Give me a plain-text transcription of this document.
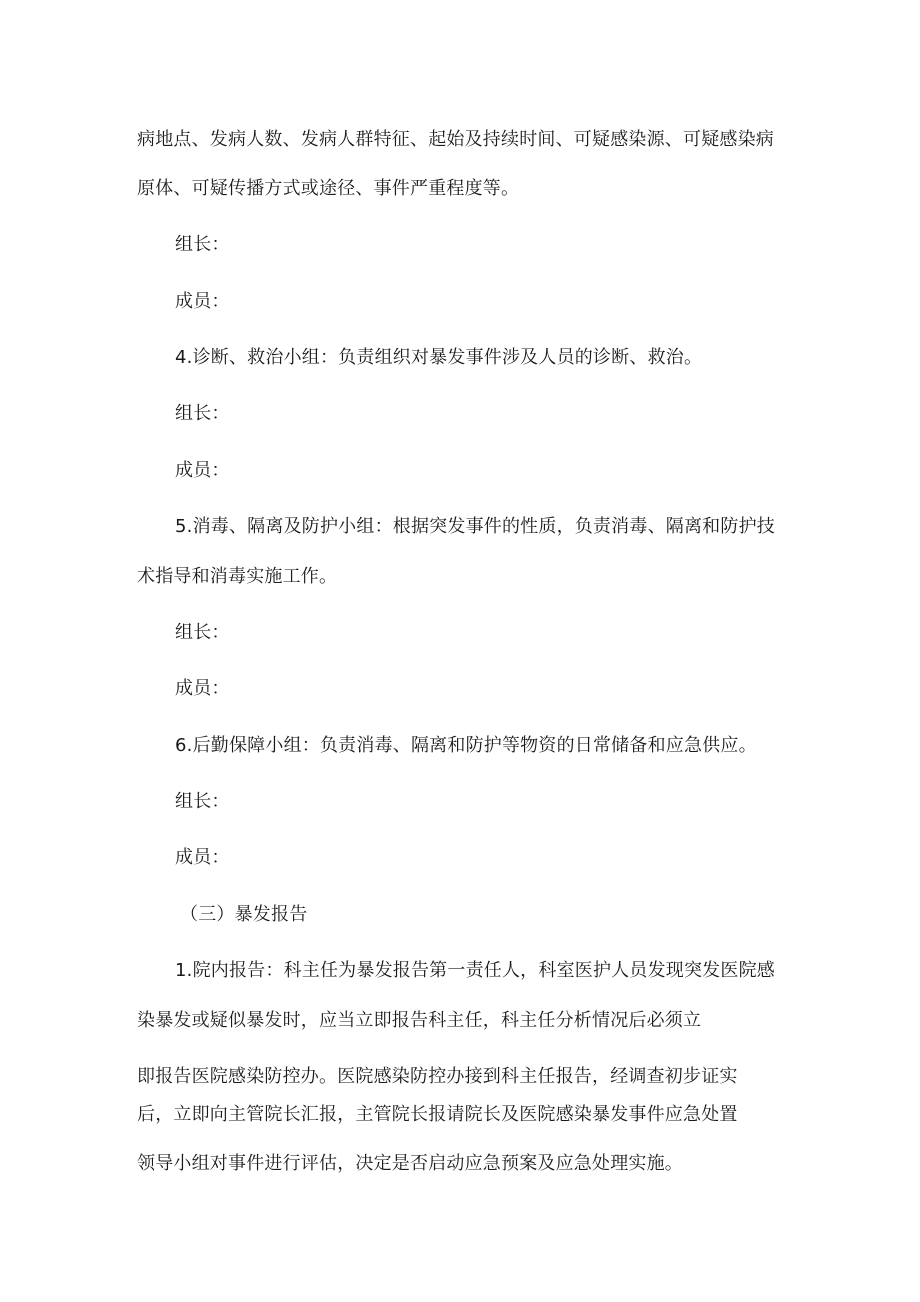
病地点、发病人数、发病人群特征、起始及持续时间、可疑感染源、可疑感染病
原体、可疑传播方式或途径、事件严重程度等。
组长：
成员：
4.诊断、救治小组：负责组织对暴发事件涉及人员的诊断、救治。
组长：
成员：
5.消毒、隔离及防护小组：根据突发事件的性质，负责消毒、隔离和防护技
术指导和消毒实施工作。
组长：
成员：
6.后勤保障小组：负责消毒、隔离和防护等物资的日常储备和应急供应。
组长：
成员：
（三）暴发报告
1.院内报告：科主任为暴发报告第一责任人，科室医护人员发现突发医院感
染暴发或疑似暴发时，应当立即报告科主任，科主任分析情况后必须立
即报告医院感染防控办。医院感染防控办接到科主任报告，经调查初步证实
后，立即向主管院长汇报，主管院长报请院长及医院感染暴发事件应急处置
领导小组对事件进行评估，决定是否启动应急预案及应急处理实施。
